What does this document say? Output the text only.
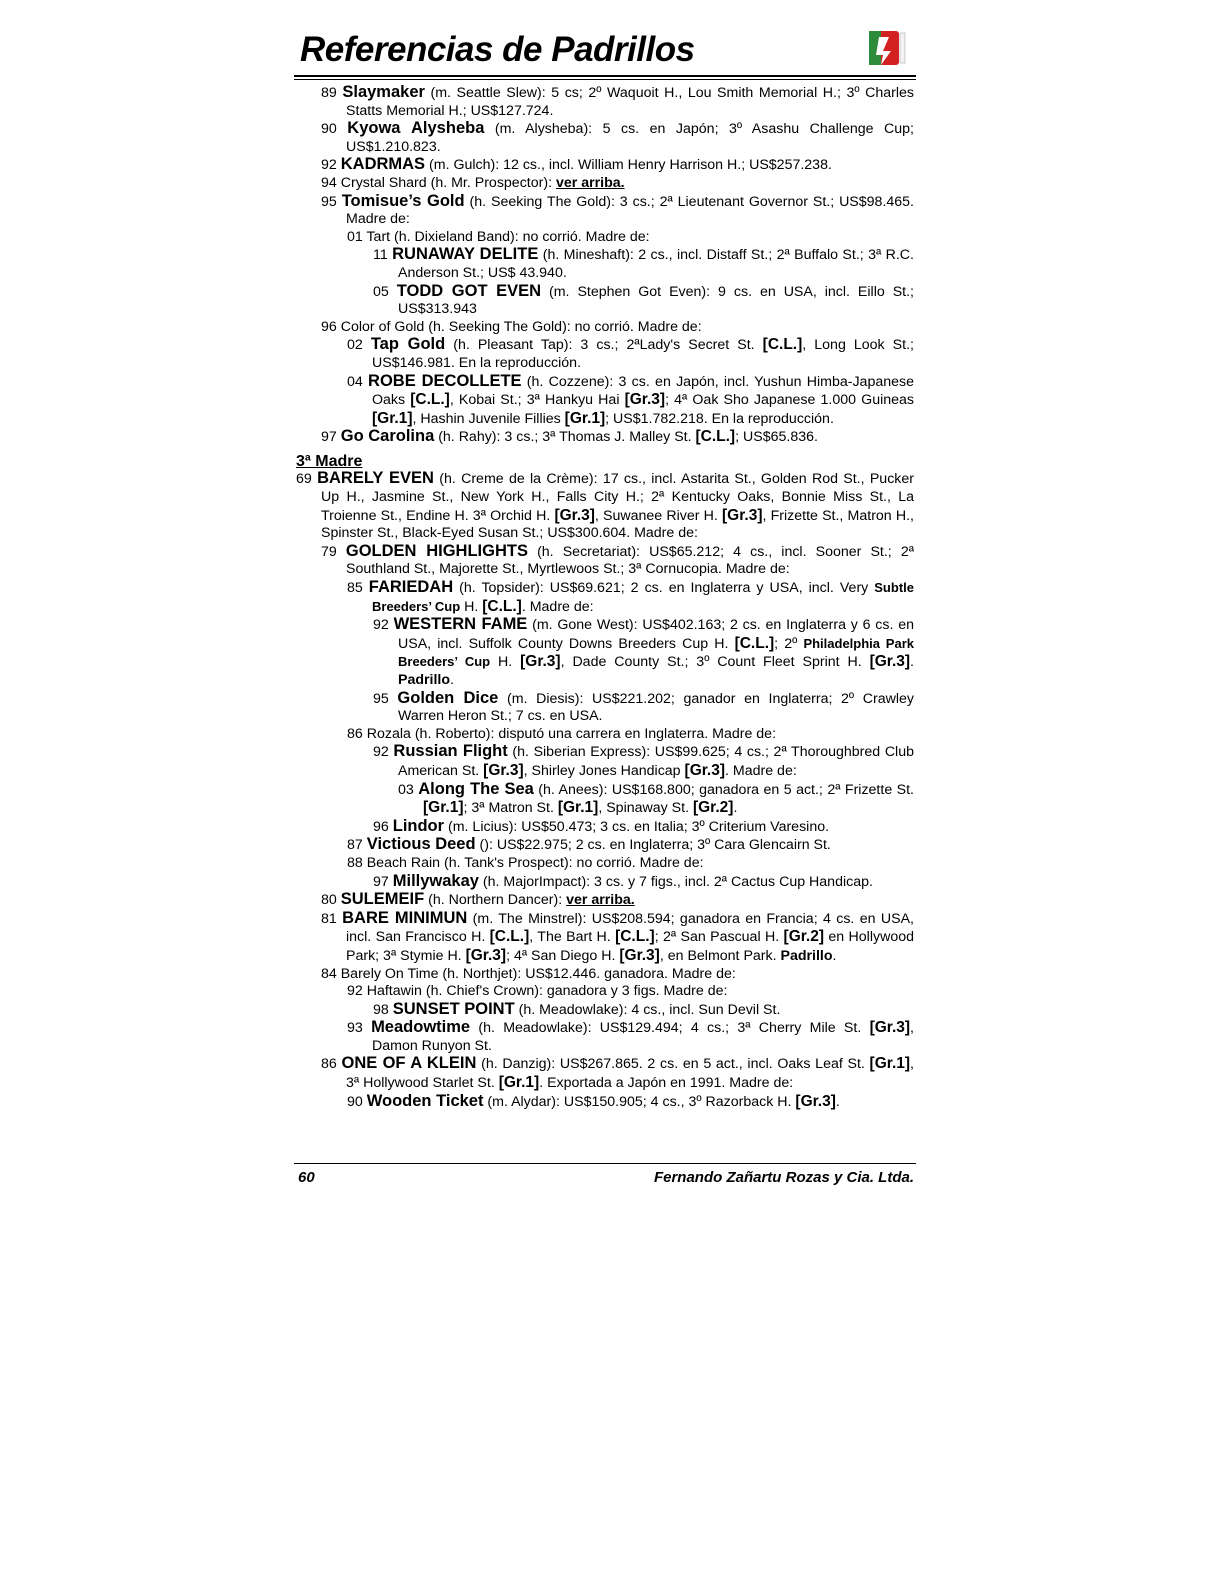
Referencias de Padrillos

89 Slaymaker (m. Seattle Slew): 5 cs; 2º Waquoit H., Lou Smith Memorial H.; 3º Charles Statts Memorial H.; US$127.724.

90 Kyowa Alysheba (m. Alysheba): 5 cs. en Japón; 3º Asashu Challenge Cup; US$1.210.823.

92 KADRMAS (m. Gulch): 12 cs., incl. William Henry Harrison H.; US$257.238.

94 Crystal Shard (h. Mr. Prospector): ver arriba.

95 Tomisue’s Gold (h. Seeking The Gold): 3 cs.; 2ª Lieutenant Governor St.; US$98.465. Madre de:

01 Tart (h. Dixieland Band): no corrió. Madre de:

11 RUNAWAY DELITE (h. Mineshaft): 2 cs., incl. Distaff St.; 2ª Buffalo St.; 3ª R.C. Anderson St.; US$ 43.940.

05 TODD GOT EVEN (m. Stephen Got Even): 9 cs. en USA, incl. Eillo St.; US$313.943

96 Color of Gold (h. Seeking The Gold): no corrió. Madre de:

02 Tap Gold (h. Pleasant Tap): 3 cs.; 2ªLady's Secret St. [C.L.], Long Look St.; US$146.981. En la reproducción.

04 ROBE DECOLLETE (h. Cozzene): 3 cs. en Japón, incl. Yushun Himba-Japanese Oaks [C.L.], Kobai St.; 3ª Hankyu Hai [Gr.3]; 4ª Oak Sho Japanese 1.000 Guineas [Gr.1], Hashin Juvenile Fillies [Gr.1]; US$1.782.218. En la reproducción.

97 Go Carolina (h. Rahy): 3 cs.; 3ª Thomas J. Malley St. [C.L.]; US$65.836.

3ª Madre

69 BARELY EVEN (h. Creme de la Crème): 17 cs., incl. Astarita St., Golden Rod St., Pucker Up H., Jasmine St., New York H., Falls City H.; 2ª Kentucky Oaks, Bonnie Miss St., La Troienne St., Endine H. 3ª Orchid H. [Gr.3], Suwanee River H. [Gr.3], Frizette St., Matron H., Spinster St., Black-Eyed Susan St.; US$300.604. Madre de:

79 GOLDEN HIGHLIGHTS (h. Secretariat): US$65.212; 4 cs., incl. Sooner St.; 2ª Southland St., Majorette St., Myrtlewoos St.; 3ª Cornucopia. Madre de:

85 FARIEDAH (h. Topsider): US$69.621; 2 cs. en Inglaterra y USA, incl. Very Subtle Breeders’ Cup H. [C.L.]. Madre de:

92 WESTERN FAME (m. Gone West): US$402.163; 2 cs. en Inglaterra y 6 cs. en USA, incl. Suffolk County Downs Breeders Cup H. [C.L.]; 2º Philadelphia Park Breeders’ Cup H. [Gr.3], Dade County St.; 3º Count Fleet Sprint H. [Gr.3]. Padrillo.

95 Golden Dice (m. Diesis): US$221.202; ganador en Inglaterra; 2º Crawley Warren Heron St.; 7 cs. en USA.

86 Rozala (h. Roberto): disputó una carrera en Inglaterra. Madre de:

92 Russian Flight (h. Siberian Express): US$99.625; 4 cs.; 2ª Thoroughbred Club American St. [Gr.3], Shirley Jones Handicap [Gr.3]. Madre de:

03 Along The Sea (h. Anees): US$168.800; ganadora en 5 act.; 2ª Frizette St. [Gr.1]; 3ª Matron St. [Gr.1], Spinaway St. [Gr.2].

96 Lindor (m. Licius): US$50.473; 3 cs. en Italia; 3º Criterium Varesino.

87 Victious Deed (): US$22.975; 2 cs. en Inglaterra; 3º Cara Glencairn St.

88 Beach Rain (h. Tank's Prospect): no corrió. Madre de:

97 Millywakay (h. MajorImpact): 3 cs. y 7 figs., incl. 2ª Cactus Cup Handicap.

80 SULEMEIF (h. Northern Dancer): ver arriba.

81 BARE MINIMUN (m. The Minstrel): US$208.594; ganadora en Francia; 4 cs. en USA, incl. San Francisco H. [C.L.], The Bart H. [C.L.]; 2ª San Pascual H. [Gr.2] en Hollywood Park; 3ª Stymie H. [Gr.3]; 4ª San Diego H. [Gr.3], en Belmont Park. Padrillo.

84 Barely On Time (h. Northjet): US$12.446. ganadora. Madre de:

92 Haftawin (h. Chief's Crown): ganadora y 3 figs. Madre de:

98 SUNSET POINT (h. Meadowlake): 4 cs., incl. Sun Devil St.

93 Meadowtime (h. Meadowlake): US$129.494; 4 cs.; 3ª Cherry Mile St. [Gr.3], Damon Runyon St.

86 ONE OF A KLEIN (h. Danzig): US$267.865. 2 cs. en 5 act., incl. Oaks Leaf St. [Gr.1], 3ª Hollywood Starlet St. [Gr.1]. Exportada a Japón en 1991. Madre de:

90 Wooden Ticket (m. Alydar): US$150.905; 4 cs., 3º Razorback H. [Gr.3].

60	Fernando Zañartu Rozas y Cia. Ltda.
